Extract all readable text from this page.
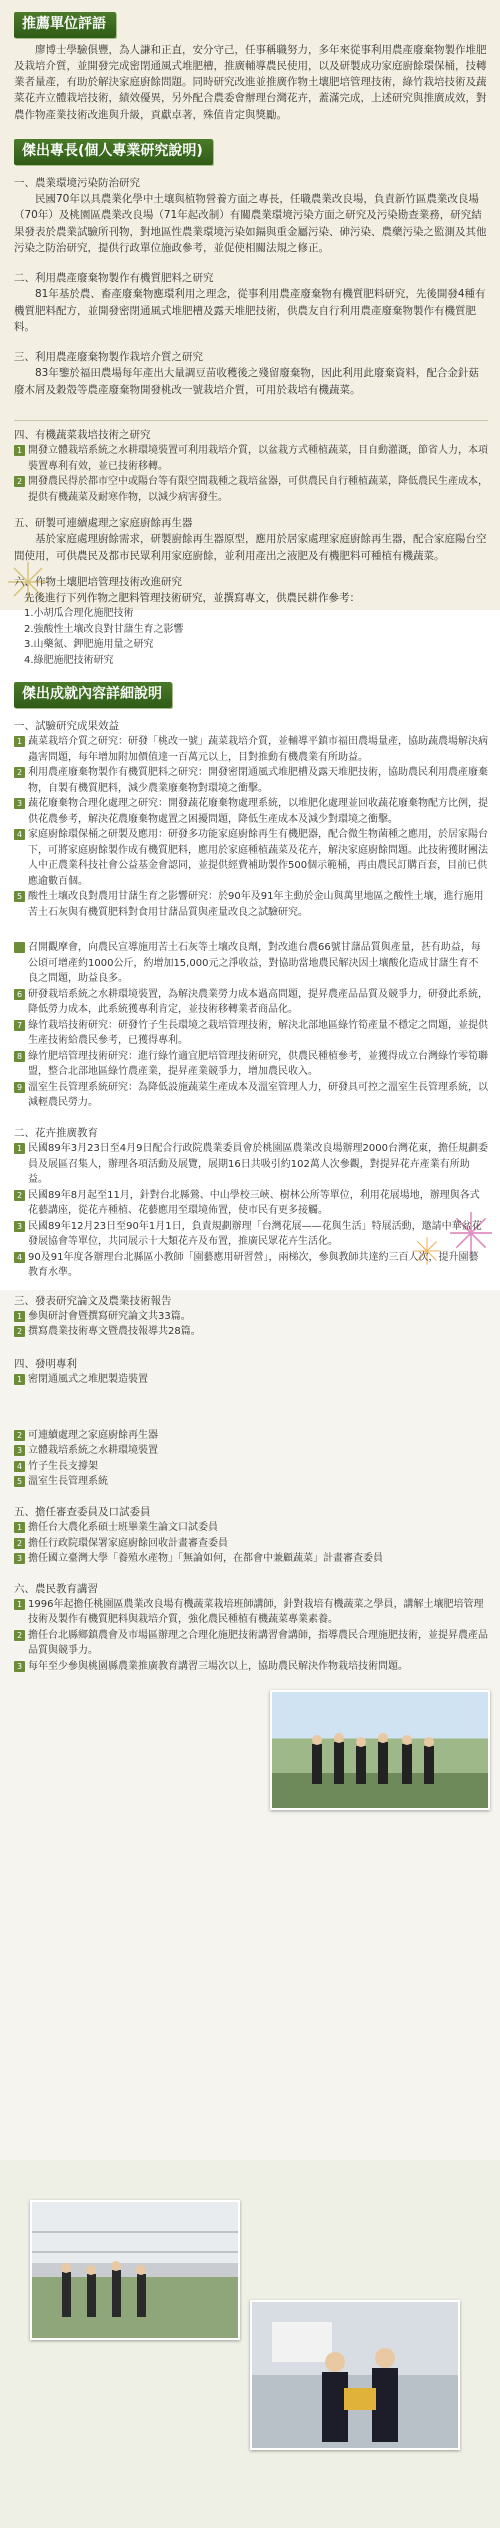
推薦單位評語

廖博士學驗俱豐，為人謙和正直，安分守己，任事稱職努力，多年來從事利用農產廢棄物製作堆肥及栽培介質，並開發完成密閉通風式堆肥槽，推廣輔導農民使用，以及研製成功家庭廚餘環保桶，技轉業者量產，有助於解決家庭廚餘問題。同時研究改進並推廣作物土壤肥培管理技術，綠竹栽培技術及蔬菜花卉立體栽培技術，績效優異，另外配合農委會辦理台灣花卉，蓋滿完成，上述研究與推廣成效，對農作物產業技術改進與升級，貢獻卓著，殊值肯定與獎勵。

傑出專長(個人專業研究說明)
一、農業環境污染防治研究

民國70年以具農業化學中土壤與植物營養方面之專長，任職農業改良場，負責新竹區農業改良場（70年）及桃園區農業改良場（71年起改制）有關農業環境污染方面之研究及污染勘查業務，研究結果發表於農業試驗所刊物，對地區性農業環境污染如鎘與重金屬污染、砷污染、農藥污染之監測及其他污染之防治研究，提供行政單位施政參考，並促使相關法規之修正。

二、利用農產廢棄物製作有機質肥料之研究

81年基於農、畜產廢棄物應環利用之理念，從事利用農產廢棄物有機質肥料研究，先後開發4種有機質肥料配方，並開發密閉通風式堆肥槽及露天堆肥技術，供農友自行利用農產廢棄物製作有機質肥料。

三、利用農產廢棄物製作栽培介質之研究

83年鑒於福田農場每年產出大量調豆苗收穫後之殘留廢棄物，因此利用此廢棄資料，配合金針菇廢木屑及穀殼等農產廢棄物開發桃改一號栽培介質，可用於栽培有機蔬菜。

四、有機蔬菜栽培技術之研究
1 開發立體栽培系統之水耕環境裝置可利用栽培介質，以盆栽方式種植蔬菜，目自動灌溉，節省人力，本項裝置專利有效，並已技術移轉。
2 開發農民得於都市空中或陽台等有限空間栽種之栽培盆器，可供農民自行種植蔬菜，降低農民生產成本，提供有機蔬菜及耐寒作物，以減少病害發生。
五、研製可連續處理之家庭廚餘再生器

基於家庭處理廚餘需求，研製廚餘再生器原型，應用於居家處理家庭廚餘再生器，配合家庭陽台空間使用，可供農民及都市民眾利用家庭廚餘，並利用產出之液肥及有機肥料可種植有機蔬菜。

六、作物土壤肥培管理技術改進研究

先後進行下列作物之肥料管理技術研究，並撰寫專文，供農民耕作參考：

1.小胡瓜合理化施肥技術
2.強酸性土壤改良對甘藷生育之影響
3.山藥氮、鉀肥施用量之研究
4.綠肥施肥技術研究
傑出成就內容詳細說明
一、試驗研究成果效益
1 蔬菜栽培介質之研究：研發「桃改一號」蔬菜栽培介質，並輔導平鎮市福田農場量產，協助蔬農場解決病蟲害問題，每年增加附加價值達一百萬元以上，目對推動有機農業有所助益。
2 利用農產廢棄物製作有機質肥料之研究：開發密閉通風式堆肥槽及露天堆肥技術，協助農民利用農產廢棄物，自製有機質肥料，減少農業廢棄物對環境之衝擊。
3 蔬花廢棄物合理化處理之研究：開發蔬花廢棄物處理系統，以堆肥化處理並回收蔬花廢棄物配方比例，提供花農參考，解決花農廢棄物處置之困擾問題，降低生產成本及減少對環境之衝擊。
4 家庭廚餘環保桶之研製及應用：研發多功能家庭廚餘再生有機肥器，配合微生物菌種之應用，於居家陽台下，可將家庭廚餘製作成有機質肥料，應用於家庭種植蔬菜及花卉，解決家庭廚餘問題。此技術獲財團法人中正農業科技社會公益基金會認同，並提供經費補助製作500個示範桶，再由農民訂購百套，目前已供應逾數百個。
5 酸性土壤改良對農用甘藷生育之影響研究：於90年及91年主動於金山與萬里地區之酸性土壤，進行施用苦土石灰與有機質肥料對食用甘藷品質與產量改良之試驗研究。
召開觀摩會，向農民宣導施用苦土石灰等土壤改良劑，對改進台農66號甘藷品質與產量，甚有助益，每公頃可增產約1000公斤，約增加15,000元之淨收益，對協助當地農民解決因土壤酸化造成甘藷生育不良之問題，助益良多。
6 研發栽培系統之水耕環境裝置，為解決農業勞力成本過高問題，提昇農產品品質及競爭力，研發此系統，降低勞力成本，此系統獲專利肯定，並技術移轉業者商品化。
7 綠竹栽培技術研究：研發竹子生長環境之栽培管理技術，解決北部地區綠竹筍產量不穩定之問題，並提供生產技術給農民參考，已獲得專利。
8 綠竹肥培管理技術研究：進行綠竹適宜肥培管理技術研究，供農民種植參考，並獲得成立台灣綠竹零筍聯盟，整合北部地區綠竹農產業，提昇產業競爭力，增加農民收入。
9 溫室生長管理系統研究：為降低設施蔬菜生產成本及溫室管理人力，研發具可控之溫室生長管理系統，以減輕農民勞力。
二、花卉推廣教育
1 民國89年3月23日至4月9日配合行政院農業委員會於桃園區農業改良場辦理2000台灣花東，擔任規劃委員及展區召集人，辦理各項活動及展覽，展期16日共吸引約102萬人次參觀，對提昇花卉產業有所助益。
2 民國89年8月起至11月，針對台北縣鶯、中山學校三峽、樹林公所等單位，利用花展場地，辦理與各式花藝講座，從花卉種植、花藝應用至環境佈置，使市民有更多接觸。
3 民國89年12月23日至90年1月1日，負責規劃辦理「台灣花展——花與生活」特展活動，邀請中華盆花發展協會等單位，共同展示十大類花卉及布置，推廣民眾花卉生活化。
4 90及91年度各辦理台北縣區小教師「園藝應用研習營」，兩梯次，參與教師共達約三百人次，提升園藝教育水準。
三、發表研究論文及農業技術報告
1 參與研討會暨撰寫研究論文共33篇。
2 撰寫農業技術專文暨農技報導共28篇。
四、發明專利
1 密閉通風式之堆肥製造裝置
2 可連續處理之家庭廚餘再生器
3 立體栽培系統之水耕環境裝置
4 竹子生長支撐架
5 溫室生長管理系統
五、擔任審查委員及口試委員
1 擔任台大農化系碩士班畢業生論文口試委員
2 擔任行政院環保署家庭廚餘回收計畫審查委員
3 擔任國立臺灣大學「養殖水產物」「無論如何，在都會中兼顧蔬菜」計畫審查委員
六、農民教育講習
1 1996年起擔任桃園區農業改良場有機蔬菜栽培班師講師，針對栽培有機蔬菜之學員，講解土壤肥培管理技術及製作有機質肥料與栽培介質，強化農民種植有機蔬菜專業素養。
2 擔任台北縣鄉鎮農會及市場區辦理之合理化施肥技術講習會講師，指導農民合理施肥技術，並提昇農產品品質與競爭力。
3 每年至少參與桃園縣農業推廣教育講習三場次以上，協助農民解決作物栽培技術問題。
